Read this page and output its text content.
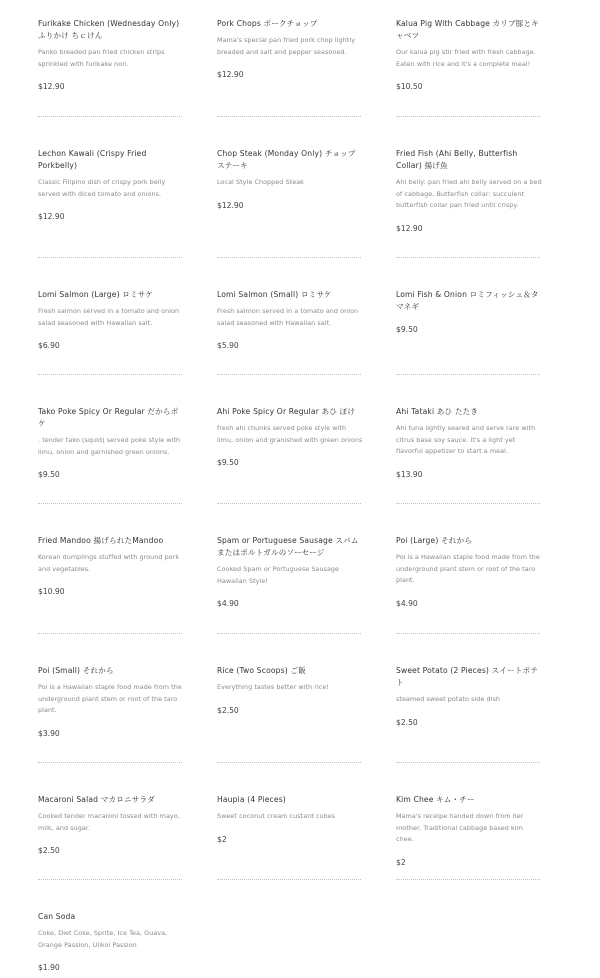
Furikake Chicken (Wednesday Only) ふりかけ ちｃけん
Panko breaded pan fried chicken strips sprinkled with furikake nori.
$12.90
Pork Chops ポークチョップ
Mama's special pan fried pork chop lightly breaded and salt and pepper seasoned.
$12.90
Kalua Pig With Cabbage カリブ豚とキャベツ
Our kalua pig stir fried with fresh cabbage. Eaten with rice and it's a complete meal!
$10.50
Lechon Kawali (Crispy Fried Porkbelly)
Classic Filipino dish of crispy pork belly served with diced tomato and onions.
$12.90
Chop Steak (Monday Only) チョップステーキ
Local Style Chopped Steak
$12.90
Fried Fish (Ahi Belly, Butterfish Collar) 揚げ魚
Ahi belly: pan fried ahi belly served on a bed of cabbage, Butterfish collar: succulent butterfish collar pan fried until crispy.
$12.90
Lomi Salmon (Large) ロミサケ
Fresh salmon served in a tomato and onion salad seasoned with Hawaiian salt.
$6.90
Lomi Salmon (Small) ロミサケ
Fresh salmon served in a tomato and onion salad seasoned with Hawaiian salt.
$5.90
Lomi Fish & Onion ロミフィッシュ＆タマネギ
$9.50
Tako Poke Spicy Or Regular だからポケ
. tender tako (squid) served poke style with limu, onion and garnished green onions.
$9.50
Ahi Poke Spicy Or Regular あひ ぽけ
fresh ahi chunks served poke style with limu, onion and granished with green onions
$9.50
Ahi Tataki あひ たたき
Ahi tuna lightly seared and serve rare with citrus base soy sauce. It's a light yet flavorful appetizer to start a meal.
$13.90
Fried Mandoo 揚げられたMandoo
Korean dumplings stuffed with ground pork and vegetables.
$10.90
Spam or Portuguese Sausage スパムまたはポルトガルのソーセージ
Cooked Spam or Portuguese Sausage Hawaiian Style!
$4.90
Poi (Large) それから
Poi is a Hawaiian staple food made from the underground plant stem or root of the taro plant.
$4.90
Poi (Small) それから
Poi is a Hawaiian staple food made from the underground plant stem or root of the taro plant.
$3.90
Rice (Two Scoops) ご飯
Everything tastes better with rice!
$2.50
Sweet Potato (2 Pieces) スイートポテト
steamed sweet potato side dish
$2.50
Macaroni Salad マカロニサラダ
Cooked tender macaroni tossed with mayo, milk, and sugar.
$2.50
Haupia (4 Pieces)
Sweet coconut cream custard cubes
$2
Kim Chee キム・チー
Mama's receipe handed down from her mother. Traditional cabbage based kim chee.
$2
Can Soda
Coke, Diet Coke, Sprite, Ice Tea, Guava, Orange Passion, Ulikoi Passion
$1.90
